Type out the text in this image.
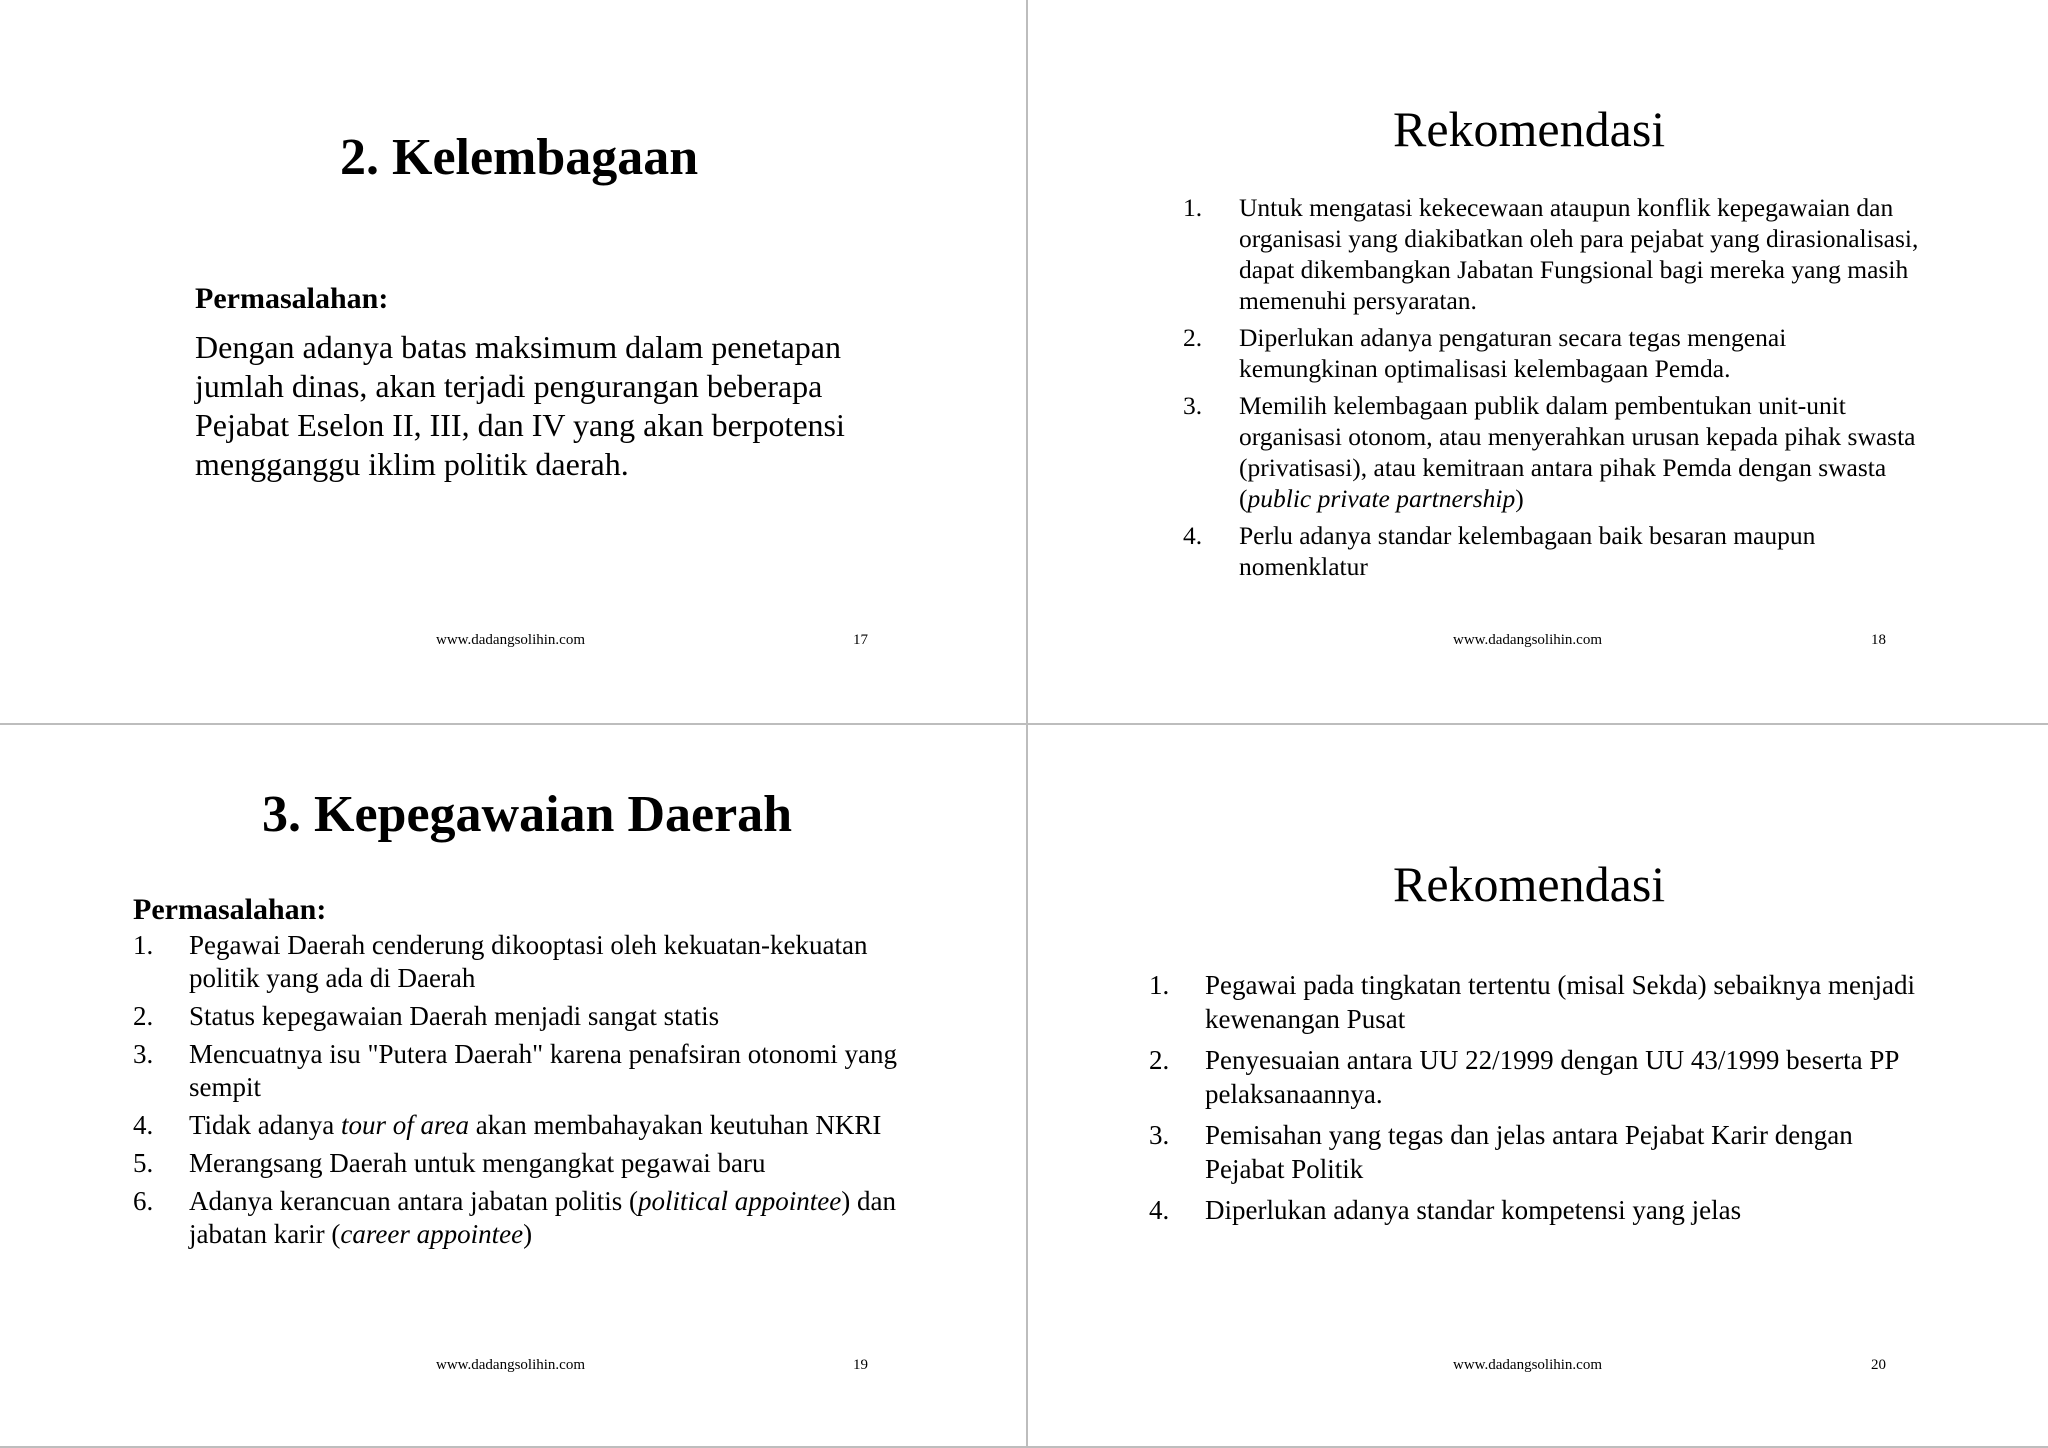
2. Kelembagaan
Permasalahan:
Dengan adanya batas maksimum dalam penetapan jumlah dinas, akan terjadi pengurangan beberapa Pejabat Eselon II, III, dan IV yang akan berpotensi mengganggu iklim politik daerah.
www.dadangsolihin.com	17
Rekomendasi
1. Untuk mengatasi kekecewaan ataupun konflik kepegawaian dan organisasi yang diakibatkan oleh para pejabat yang dirasionalisasi, dapat dikembangkan Jabatan Fungsional bagi mereka yang masih memenuhi persyaratan.
2. Diperlukan adanya pengaturan secara tegas mengenai kemungkinan optimalisasi kelembagaan Pemda.
3. Memilih kelembagaan publik dalam pembentukan unit-unit organisasi otonom, atau menyerahkan urusan kepada pihak swasta (privatisasi), atau kemitraan antara pihak Pemda dengan swasta (public private partnership)
4. Perlu adanya standar kelembagaan baik besaran maupun nomenklatur
www.dadangsolihin.com	18
3. Kepegawaian Daerah
Permasalahan:
1. Pegawai Daerah cenderung dikooptasi oleh kekuatan-kekuatan politik yang ada di Daerah
2. Status kepegawaian Daerah menjadi sangat statis
3. Mencuatnya isu "Putera Daerah" karena penafsiran otonomi yang sempit
4. Tidak adanya tour of area akan membahayakan keutuhan NKRI
5. Merangsang Daerah untuk mengangkat pegawai baru
6. Adanya kerancuan antara jabatan politis (political appointee) dan jabatan karir (career appointee)
www.dadangsolihin.com	19
Rekomendasi
1. Pegawai pada tingkatan tertentu (misal Sekda) sebaiknya menjadi kewenangan Pusat
2. Penyesuaian antara UU 22/1999 dengan UU 43/1999 beserta PP pelaksanaannya.
3. Pemisahan yang tegas dan jelas antara Pejabat Karir dengan Pejabat Politik
4. Diperlukan adanya standar kompetensi yang jelas
www.dadangsolihin.com	20
